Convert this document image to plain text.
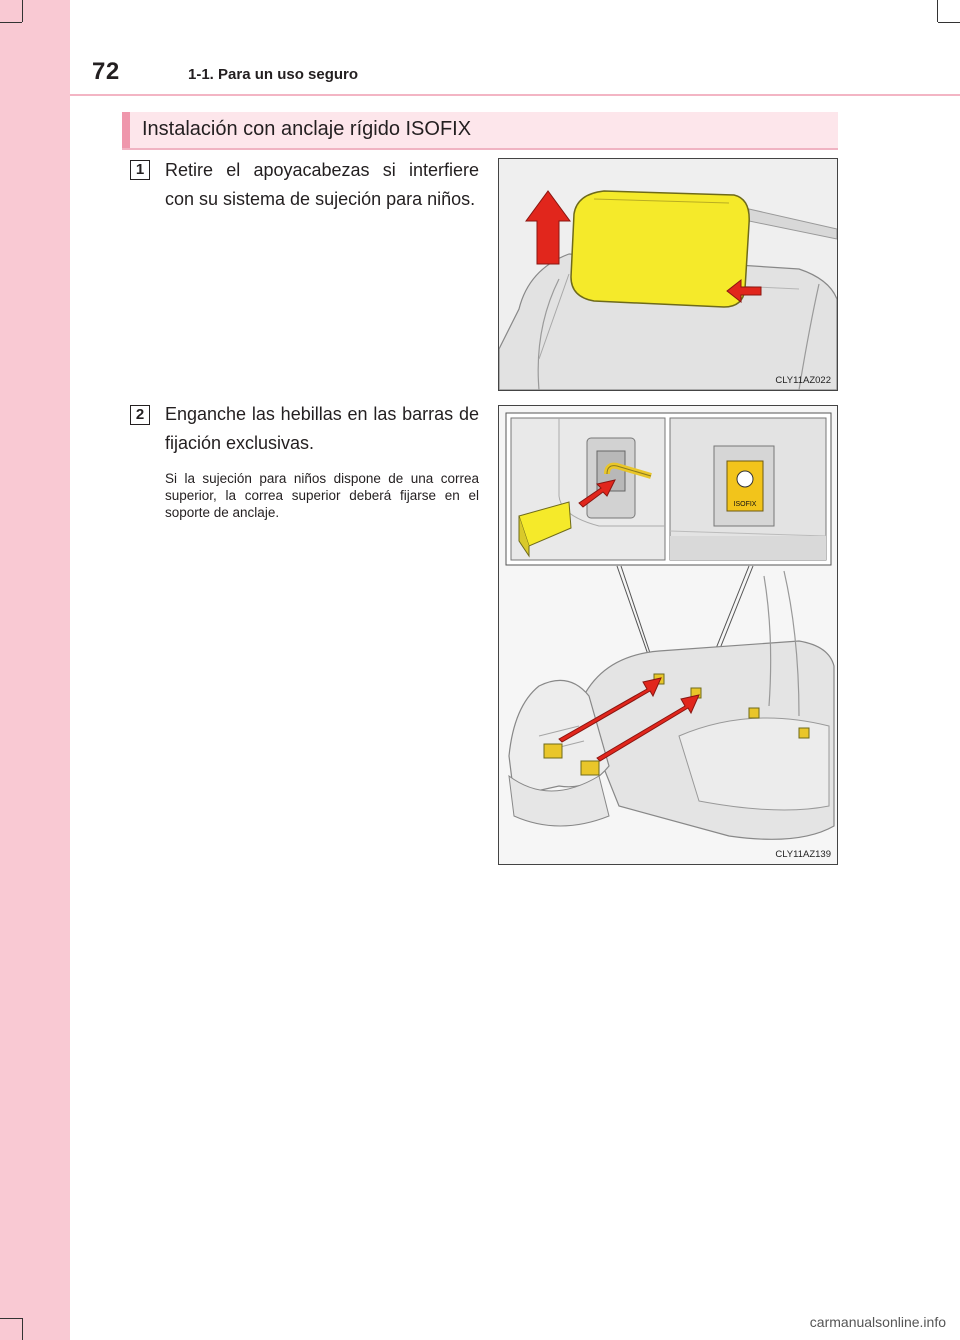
72	1-1. Para un uso seguro
Instalación con anclaje rígido ISOFIX
1	Retire el apoyacabezas si interfiere con su sistema de sujeción para niños.
CLY11AZ022
2	Enganche las hebillas en las barras de fijación exclusivas.
Si la sujeción para niños dispone de una correa superior, la correa superior deberá fijarse en el soporte de anclaje.
ISOFIX
CLY11AZ139
carmanualsonline.info
